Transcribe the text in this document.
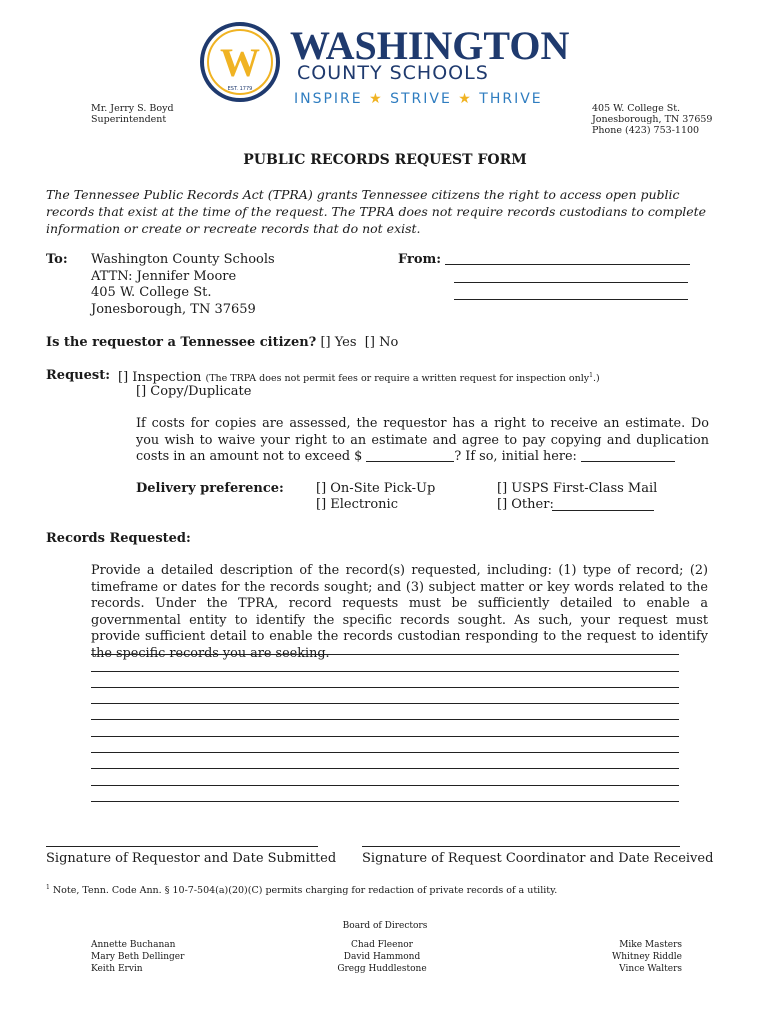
W
EST. 1779
WASHINGTON
COUNTY SCHOOLS
INSPIRE ★ STRIVE ★ THRIVE
Mr. Jerry S. Boyd
Superintendent
405 W. College St.
Jonesborough, TN 37659
Phone (423) 753-1100
PUBLIC RECORDS REQUEST FORM
The Tennessee Public Records Act (TPRA) grants Tennessee citizens the right to access open public records that exist at the time of the request. The TPRA does not require records custodians to complete information or create or recreate records that do not exist.
To: Washington County Schools
ATTN: Jennifer Moore
405 W. College St.
Jonesborough, TN 37659
From:
Is the requestor a Tennessee citizen? [] Yes [] No
Request: [] Inspection (The TRPA does not permit fees or require a written request for inspection only$^1$.)
[] Copy/Duplicate
If costs for copies are assessed, the requestor has a right to receive an estimate. Do you wish to waive your right to an estimate and agree to pay copying and duplication costs in an amount not to exceed $	? If so, initial here:
Delivery preference: [] On-Site Pick-Up
[] Electronic
[] USPS First-Class Mail
[] Other:
Records Requested:
Provide a detailed description of the record(s) requested, including: (1) type of record; (2) timeframe or dates for the records sought; and (3) subject matter or key words related to the records. Under the TPRA, record requests must be sufficiently detailed to enable a governmental entity to identify the specific records sought. As such, your request must provide sufficient detail to enable the records custodian responding to the request to identify the specific records you are seeking.
Signature of Requestor and Date Submitted Signature of Request Coordinator and Date Received
$^1$ Note, Tenn. Code Ann. § 10-7-504(a)(20)(C) permits charging for redaction of private records of a utility.
Board of Directors
Annette Buchanan
Mary Beth Dellinger
Keith Ervin
Chad Fleenor
David Hammond
Gregg Huddlestone
Mike Masters
Whitney Riddle
Vince Walters
